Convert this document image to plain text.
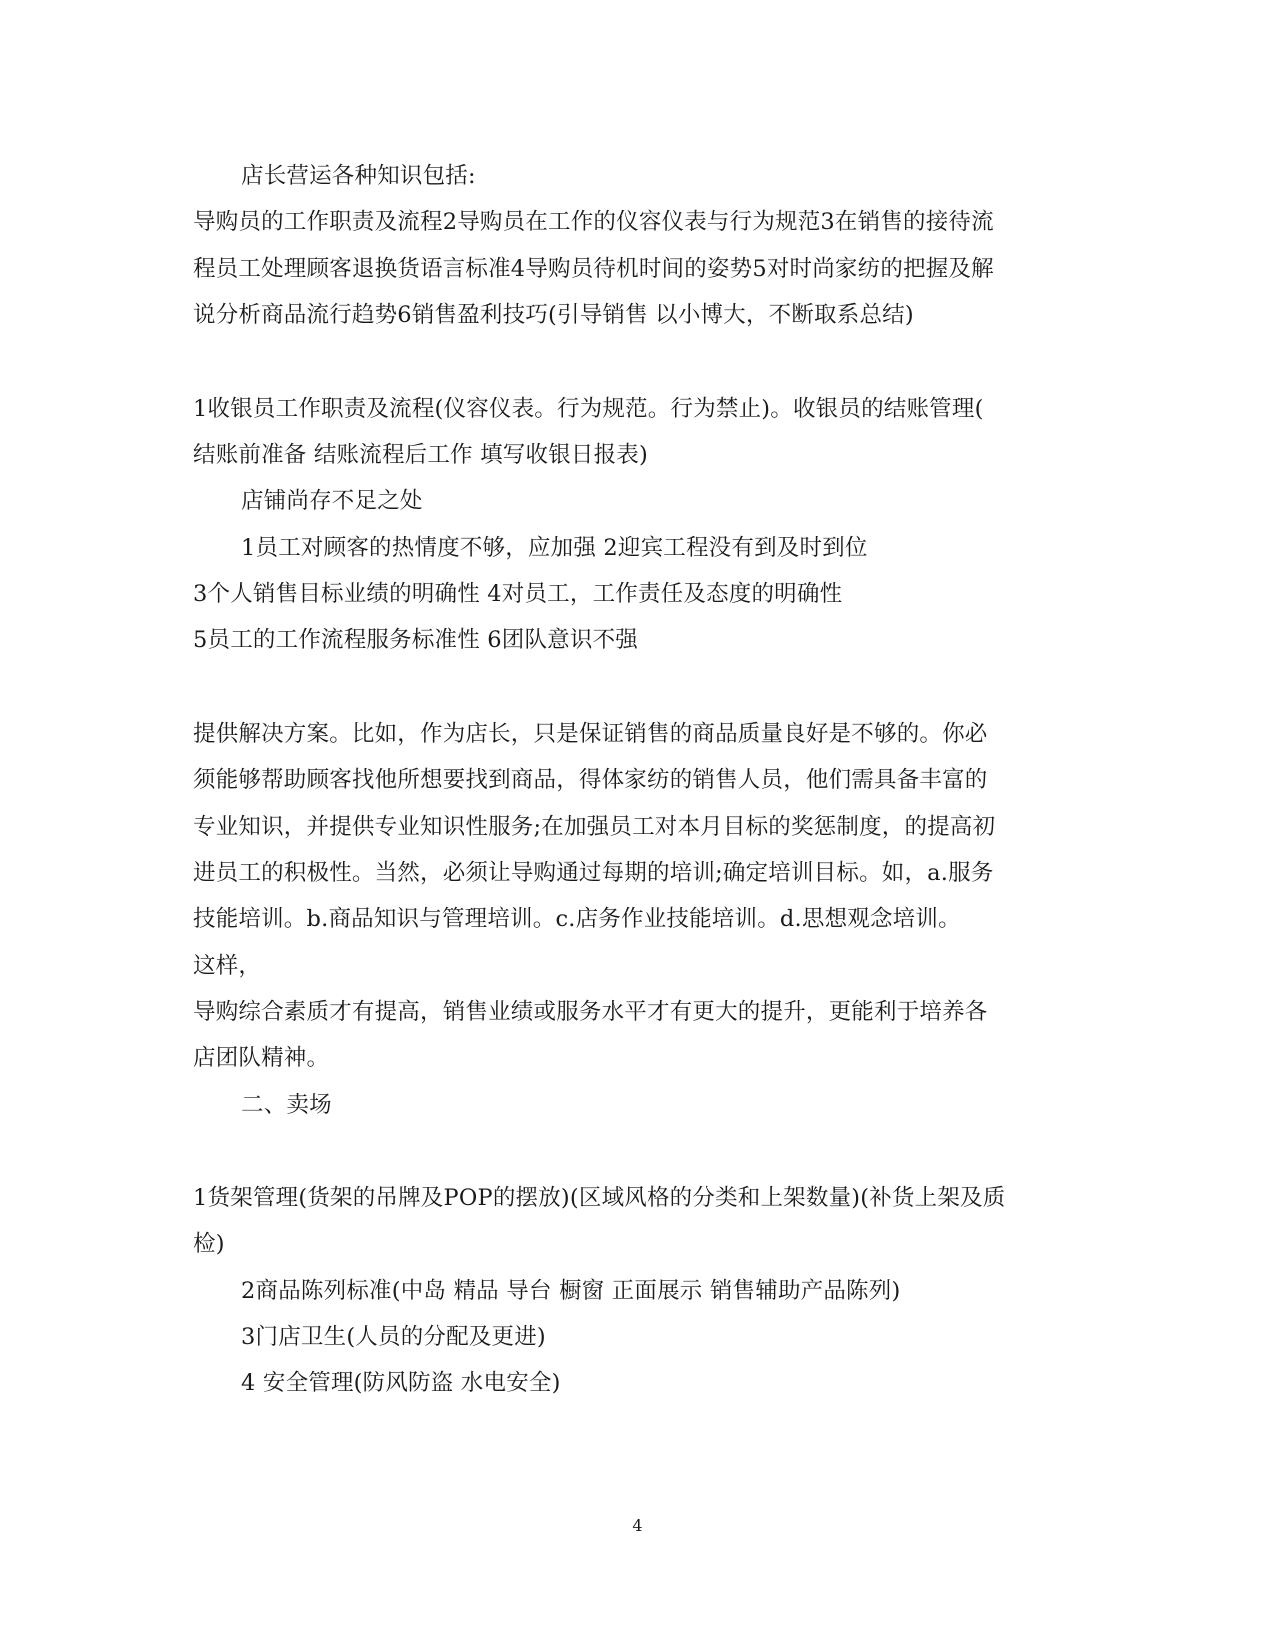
店长营运各种知识包括:
导购员的工作职责及流程2导购员在工作的仪容仪表与行为规范3在销售的接待流
程员工处理顾客退换货语言标准4导购员待机时间的姿势5对时尚家纺的把握及解
说分析商品流行趋势6销售盈利技巧(引导销售 以小博大，不断取系总结)
1收银员工作职责及流程(仪容仪表。行为规范。行为禁止)。收银员的结账管理(
结账前准备 结账流程后工作 填写收银日报表)
店铺尚存不足之处
1员工对顾客的热情度不够，应加强 2迎宾工程没有到及时到位
3个人销售目标业绩的明确性 4对员工，工作责任及态度的明确性
5员工的工作流程服务标准性 6团队意识不强
提供解决方案。比如，作为店长，只是保证销售的商品质量良好是不够的。你必
须能够帮助顾客找他所想要找到商品，得体家纺的销售人员，他们需具备丰富的
专业知识，并提供专业知识性服务;在加强员工对本月目标的奖惩制度，的提高初
进员工的积极性。当然，必须让导购通过每期的培训;确定培训目标。如，a.服务
技能培训。b.商品知识与管理培训。c.店务作业技能培训。d.思想观念培训。
这样，
导购综合素质才有提高，销售业绩或服务水平才有更大的提升，更能利于培养各
店团队精神。
二、卖场
1货架管理(货架的吊牌及POP的摆放)(区域风格的分类和上架数量)(补货上架及质
检)
2商品陈列标准(中岛 精品 导台 橱窗 正面展示 销售辅助产品陈列)
3门店卫生(人员的分配及更进)
4 安全管理(防风防盗 水电安全)
4
